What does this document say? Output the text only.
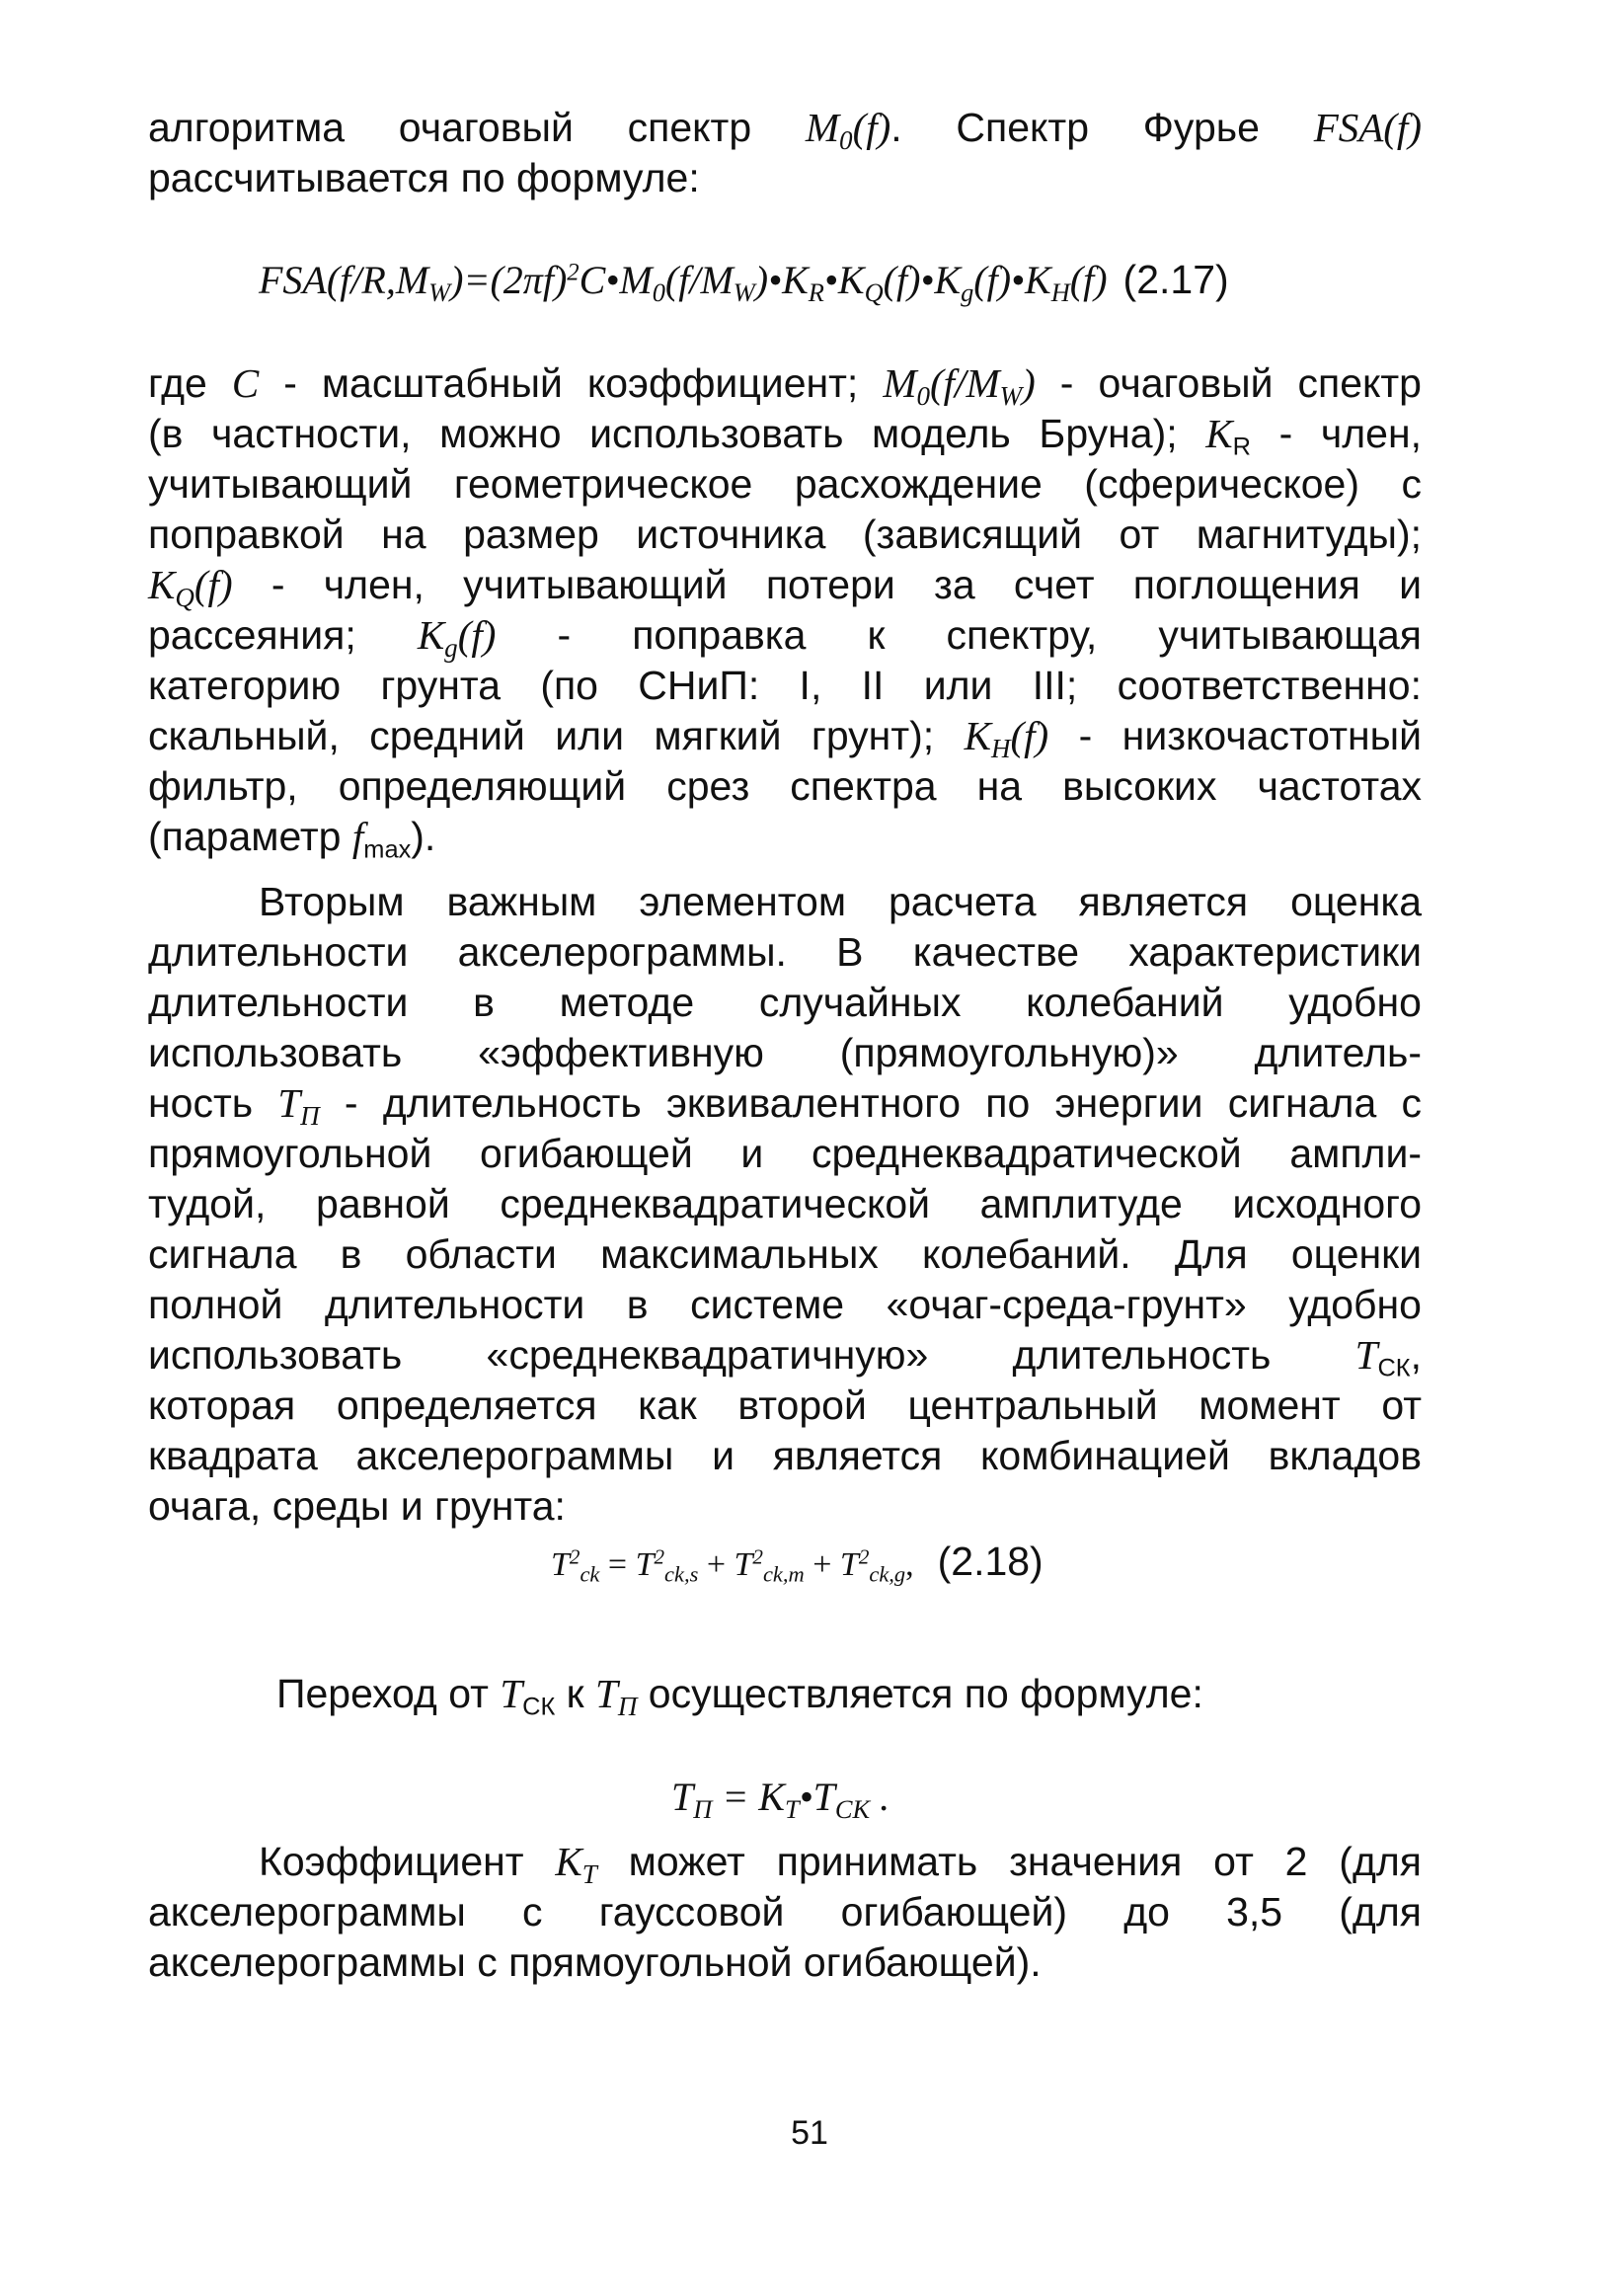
алгоритма очаговый спектр $M_0(f)$. Спектр Фурье FSA(f)
рассчитывается по формуле:
$FSA(f/R,M_W)=(2\pi f)^2C•M_0(f/M_W)•K_R•K_Q(f)•K_g(f)•K_H(f)$ (2.17)
где C - масштабный коэффициент; $M_0(f/M_W)$ - очаговый спектр
(в частности, можно использовать модель Бруна); KR - член,
учитывающий геометрическое расхождение (сферическое) с
поправкой на размер источника (зависящий от магнитуды);
$K_Q(f)$ - член, учитывающий потери за счет поглощения и
рассеяния; $K_g(f)$ - поправка к спектру, учитывающая
категорию грунта (по СНиП: I, II или III; соответственно:
скальный, средний или мягкий грунт); $K_H(f)$ - низкочастотный
фильтр, определяющий срез спектра на высоких частотах
(параметр fmax).
Вторым важным элементом расчета является оценка
длительности акселерограммы. В качестве характеристики
длительности в методе случайных колебаний удобно
использовать «эффективную (прямоугольную)» длитель-
ность $T_П$ - длительность эквивалентного по энергии сигнала с
прямоугольной огибающей и среднеквадратической ампли-
тудой, равной среднеквадратической амплитуде исходного
сигнала в области максимальных колебаний. Для оценки
полной длительности в системе «очаг-среда-грунт» удобно
использовать «среднеквадратичную» длительность TСК,
которая определяется как второй центральный момент от
квадрата акселерограммы и является комбинацией вкладов
очага, среды и грунта:
$T^2_{ck} = T^2_{ck,s} + T^2_{ck,m} + T^2_{ck,g}$, (2.18)
Переход от TСК к $T_П$ осуществляется по формуле:
$T_П$ = $K_T•T_{CK}$ .
Коэффициент $K_T$ может принимать значения от 2 (для
акселерограммы с гауссовой огибающей) до 3,5 (для
акселерограммы с прямоугольной огибающей).
51
